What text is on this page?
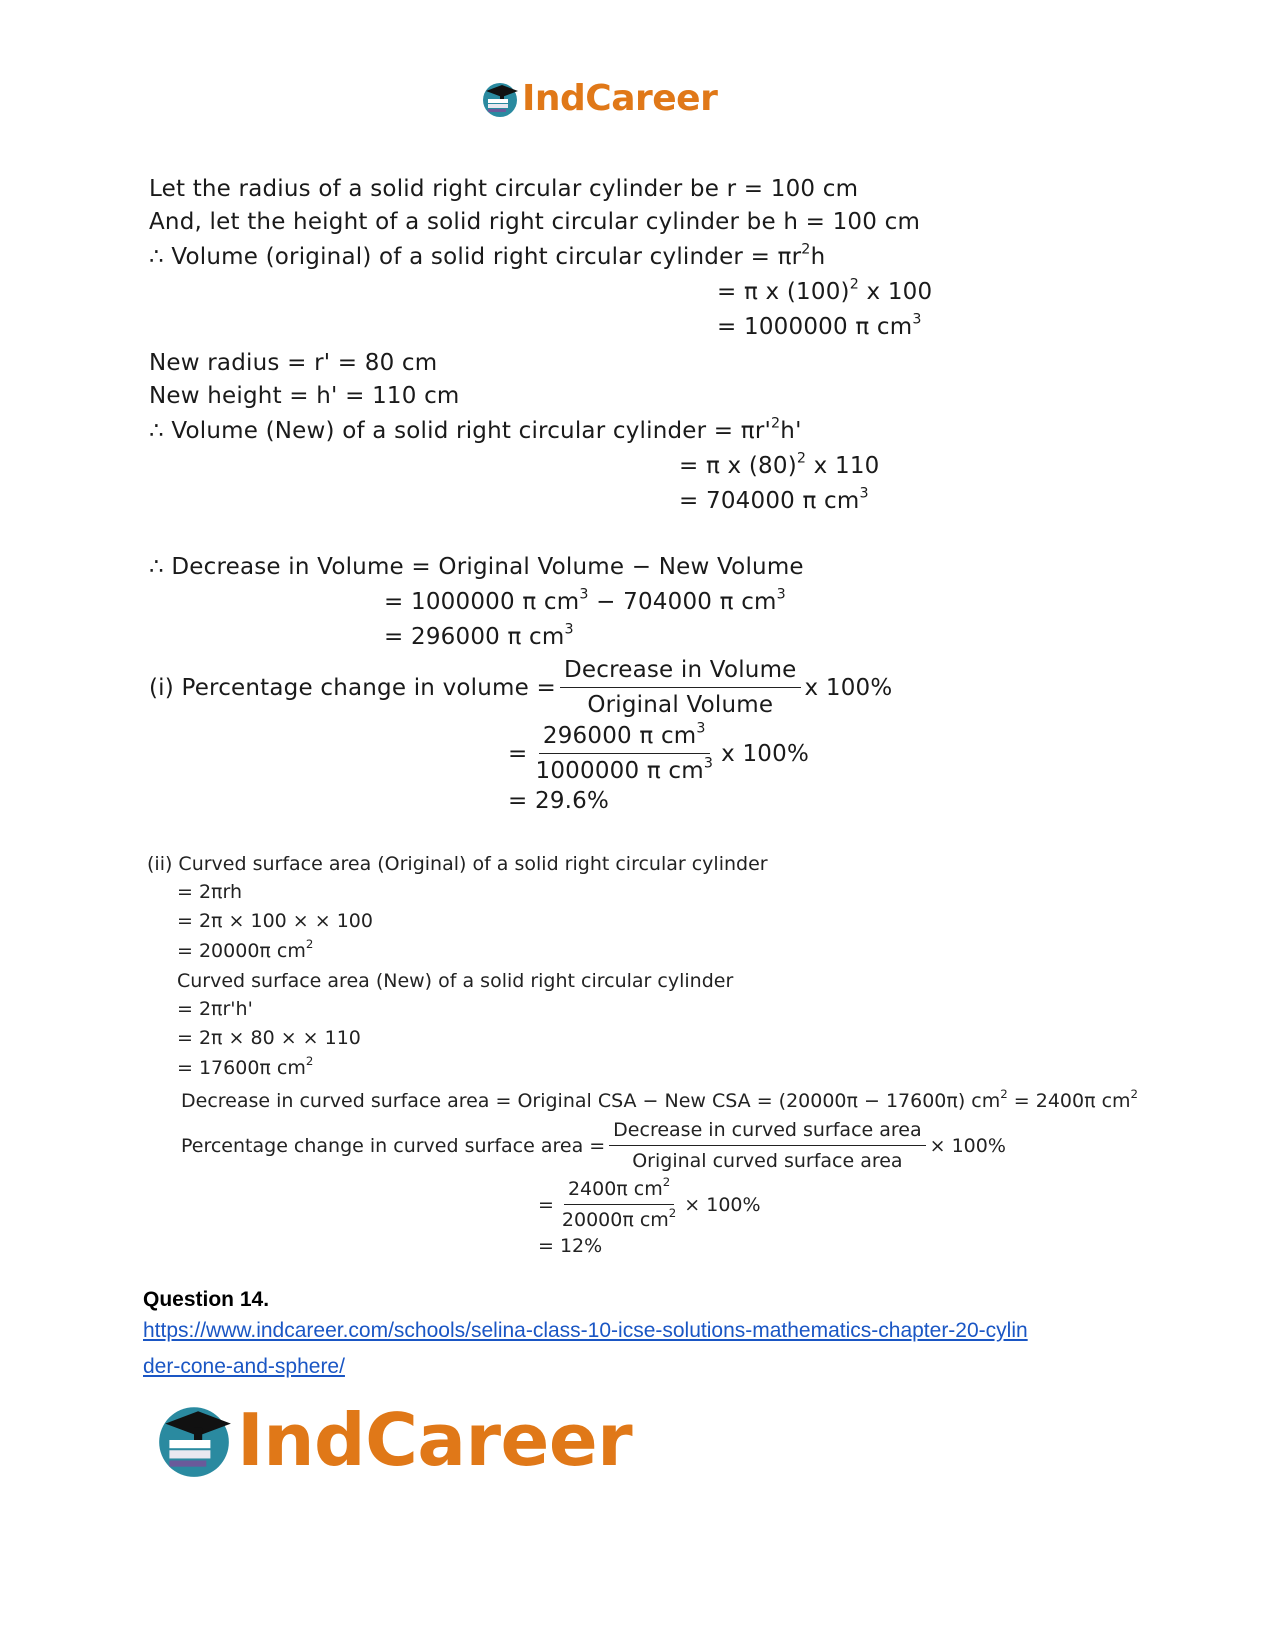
IndCareer
Let the radius of a solid right circular cylinder be r = 100 cm
And, let the height of a solid right circular cylinder be h = 100 cm
∴ Volume (original) of a solid right circular cylinder = $\pi r^2h$
= π x $(100)^2$ x 100
= 1000000 π $cm^3$
New radius = r' = 80 cm
New height = h' = 110 cm
∴ Volume (New) of a solid right circular cylinder = $\pi r'^2h'$
= π x $(80)^2$ x 110
= 704000 π $cm^3$
∴ Decrease in Volume = Original Volume − New Volume
= 1000000 π $cm^3 - 704000$ π $cm^3$
= 296000 π $cm^3$
(i) Percentage change in volume = $\frac{\text{Decrease in Volume}}{\text{Original Volume}}$ x 100%
= $\frac{296000 \pi cm^3}{1000000 \pi cm^3}$ x 100%
= 29.6%
(ii) Curved surface area (Original) of a solid right circular cylinder
= 2πrh
= 2π × 100 × × 100
= 20000π $cm^2$
Curved surface area (New) of a solid right circular cylinder
= 2πr'h'
= 2π × 80 × × 110
= 17600π $cm^2$
Decrease in curved surface area = Original CSA − New CSA = (20000π − 17600π) $cm^2 = 2400\pi$ $cm^2$
Percentage change in curved surface area = $\frac{\text{Decrease in curved surface area}}{\text{Original curved surface area}} \times 100\%$
= $\frac{2400\pi cm^2}{20000\pi cm^2} \times 100\%$
= 12%
Question 14.
https://www.indcareer.com/schools/selina-class-10-icse-solutions-mathematics-chapter-20-cylin
der-cone-and-sphere/
IndCareer
